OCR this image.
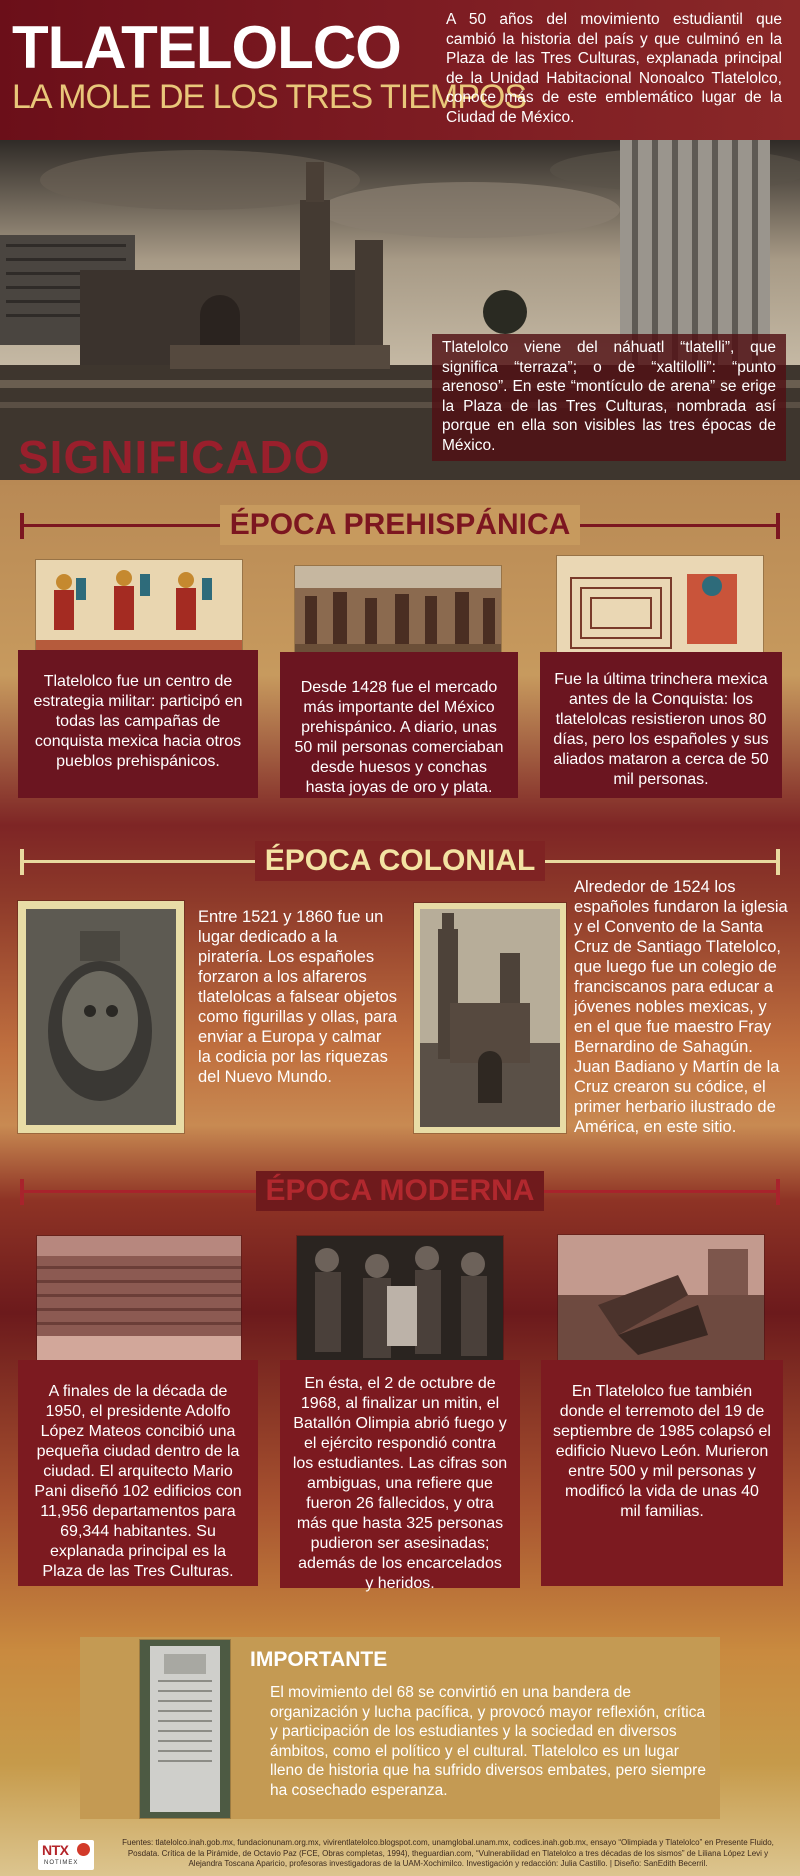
TLATELOLCO
LA MOLE DE LOS TRES TIEMPOS
A 50 años del movimiento estudiantil que cambió la historia del país y que culminó en la Plaza de las Tres Culturas, explanada principal de la Unidad Habitacional Nonoalco Tlatelolco, conoce más de este emblemático lugar de la Ciudad de México.
Tlatelolco viene del náhuatl “tlatelli”, que significa “terraza”; o de “xaltilolli”: “punto arenoso”. En este “montículo de arena” se erige la Plaza de las Tres Culturas, nombrada así porque en ella son visibles las tres épocas de México.
SIGNIFICADO
ÉPOCA PREHISPÁNICA
Tlatelolco fue un centro de estrategia militar: participó en todas las campañas de conquista mexica hacia otros pueblos prehispánicos.
Desde 1428 fue el mercado más importante del México prehispánico. A diario, unas 50 mil personas comerciaban desde huesos y conchas hasta joyas de oro y plata.
Fue la última trinchera mexica antes de la Conquista: los tlatelolcas resistieron unos 80 días, pero los españoles y sus aliados mataron a cerca de 50 mil personas.
ÉPOCA COLONIAL
Entre 1521 y 1860 fue un lugar dedicado a la piratería. Los españoles forzaron a los alfareros tlatelolcas a falsear objetos como figurillas y ollas, para enviar a Europa y calmar la codicia por las riquezas del Nuevo Mundo.
Alrededor de 1524 los españoles fundaron la iglesia y el Convento de la Santa Cruz de Santiago Tlatelolco, que luego fue un colegio de franciscanos para educar a jóvenes nobles mexicas, y en el que fue maestro Fray Bernardino de Sahagún. Juan Badiano y Martín de la Cruz crearon su códice, el primer herbario ilustrado de América, en este sitio.
ÉPOCA MODERNA
A finales de la década de 1950, el presidente Adolfo López Mateos concibió una pequeña ciudad dentro de la ciudad. El arquitecto Mario Pani diseñó 102 edificios con 11,956 departamentos para 69,344 habitantes. Su explanada principal es la Plaza de las Tres Culturas.
En ésta, el 2 de octubre de 1968, al finalizar un mitin, el Batallón Olimpia abrió fuego y el ejército respondió contra los estudiantes. Las cifras son ambiguas, una refiere que fueron 26 fallecidos, y otra más que hasta 325 personas pudieron ser asesinadas; además de los encarcelados y heridos.
En Tlatelolco fue también donde el terremoto del 19 de septiembre de 1985 colapsó el edificio Nuevo León. Murieron entre 500 y mil personas y modificó la vida de unas 40 mil familias.
IMPORTANTE
El movimiento del 68 se convirtió en una bandera de organización y lucha pacífica, y provocó mayor reflexión, crítica y participación de los estudiantes y la sociedad en diversos ámbitos, como el político y el cultural. Tlatelolco es un lugar lleno de historia que ha sufrido diversos embates, pero siempre ha cosechado esperanza.
NTX
NOTIMEX
Fuentes: tlatelolco.inah.gob.mx, fundacionunam.org.mx, vivirentlatelolco.blogspot.com, unamglobal.unam.mx, codices.inah.gob.mx, ensayo “Olimpiada y Tlatelolco” en Presente Fluido, Posdata. Crítica de la Pirámide, de Octavio Paz (FCE, Obras completas, 1994), theguardian.com, “Vulnerabilidad en Tlatelolco a tres décadas de los sismos” de Liliana López Levi y Alejandra Toscana Aparicio, profesoras investigadoras de la UAM-Xochimilco. Investigación y redacción: Julia Castillo. | Diseño: SanEdith Becerril.
